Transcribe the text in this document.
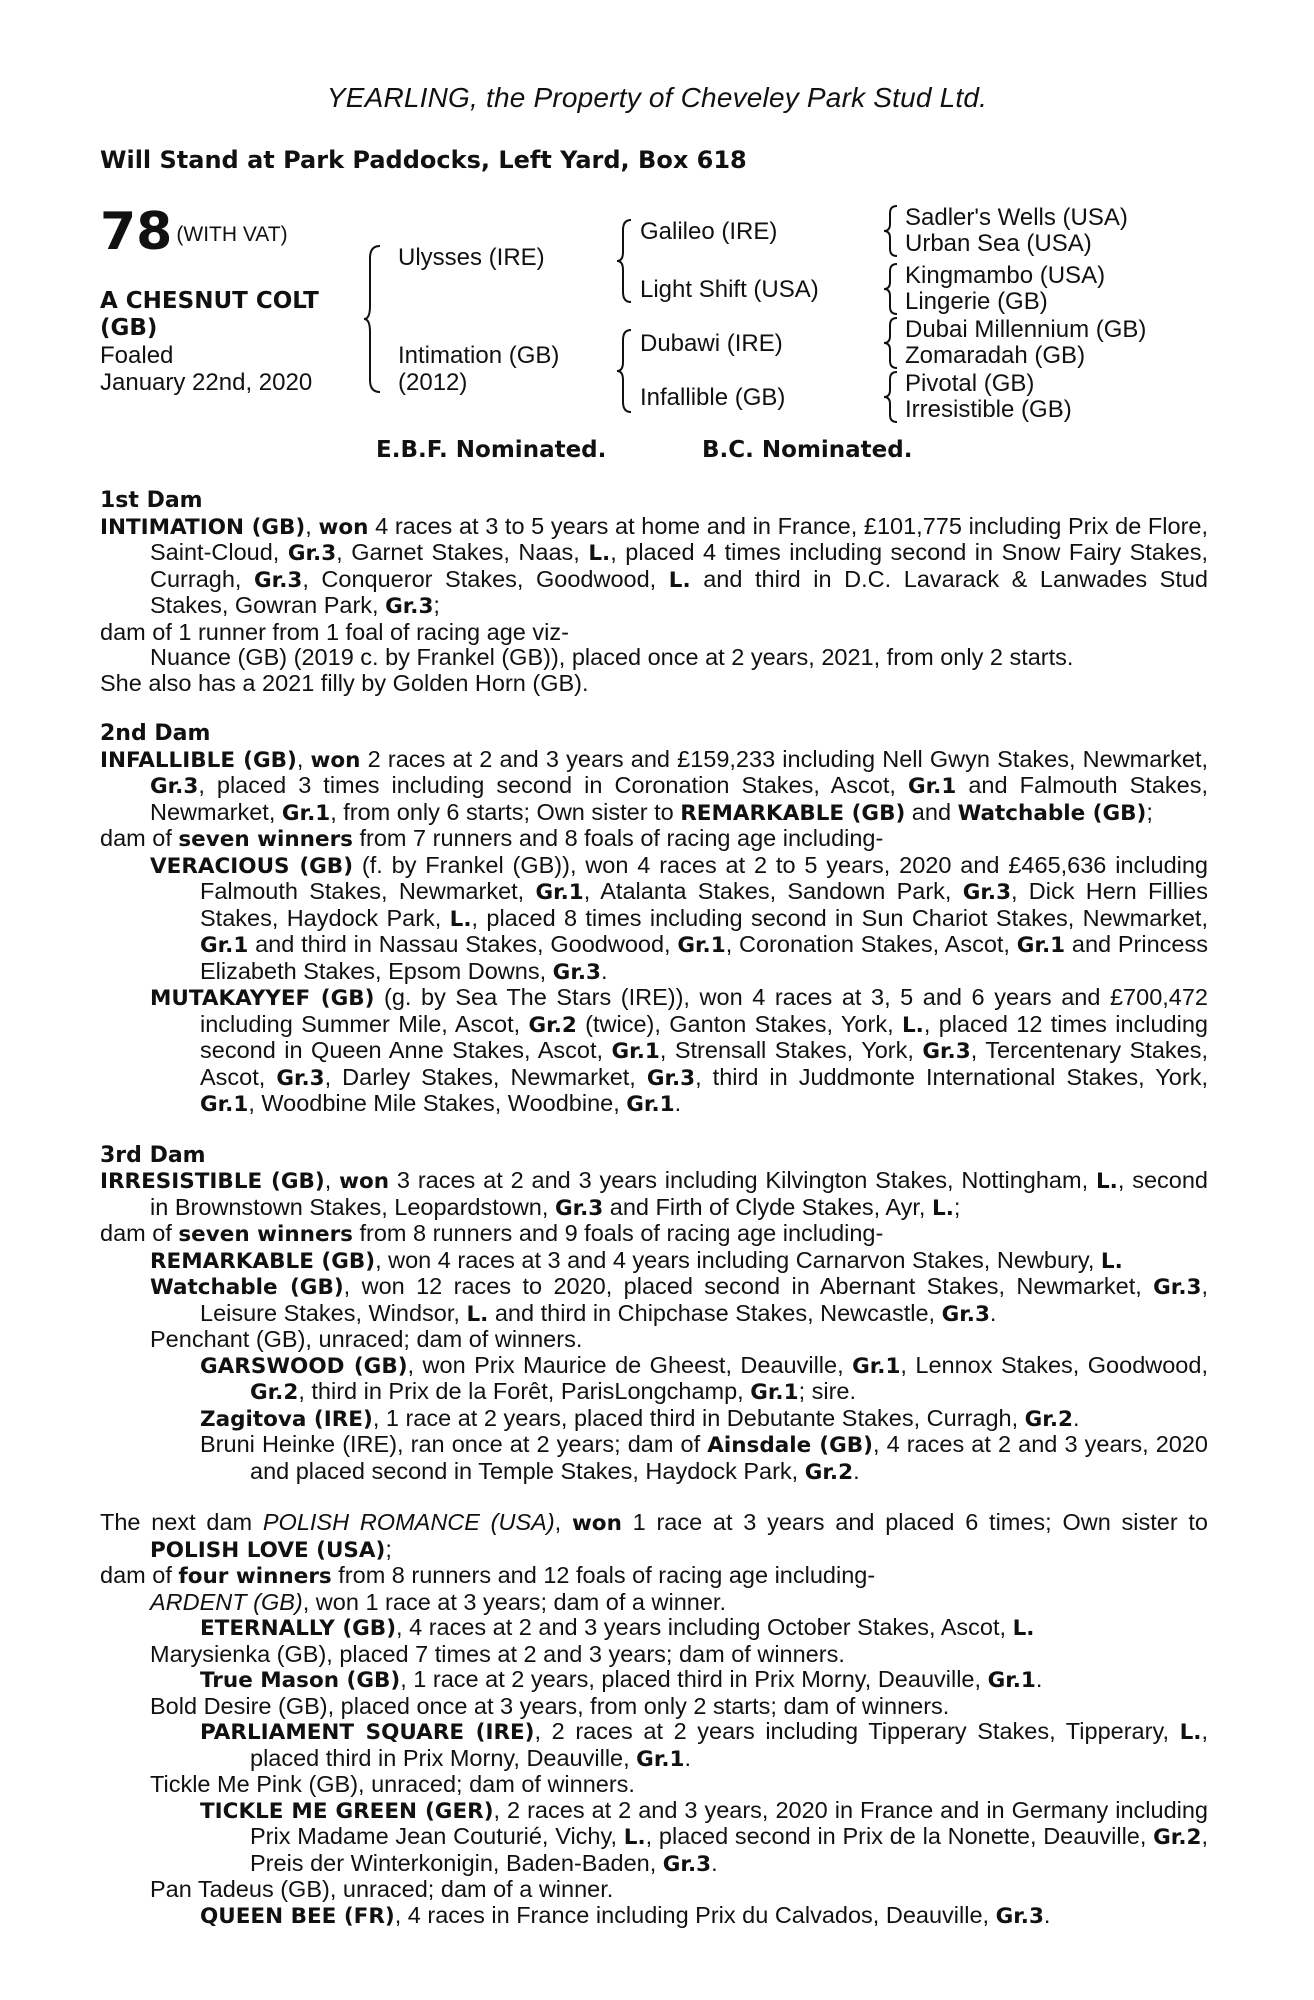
YEARLING, the Property of Cheveley Park Stud Ltd.
Will Stand at Park Paddocks, Left Yard, Box 618
78 (WITH VAT)
A CHESNUT COLT
(GB)
Foaled
January 22nd, 2020
Ulysses (IRE)
Intimation (GB)
(2012)
Galileo (IRE)
Light Shift (USA)
Dubawi (IRE)
Infallible (GB)
Sadler's Wells (USA)
Urban Sea (USA)
Kingmambo (USA)
Lingerie (GB)
Dubai Millennium (GB)
Zomaradah (GB)
Pivotal (GB)
Irresistible (GB)
E.B.F. Nominated.	B.C. Nominated.
1st Dam
INTIMATION (GB), won 4 races at 3 to 5 years at home and in France, £101,775 including Prix de Flore, Saint-Cloud, Gr.3, Garnet Stakes, Naas, L., placed 4 times including second in Snow Fairy Stakes, Curragh, Gr.3, Conqueror Stakes, Goodwood, L. and third in D.C. Lavarack & Lanwades Stud Stakes, Gowran Park, Gr.3;
dam of 1 runner from 1 foal of racing age viz-
Nuance (GB) (2019 c. by Frankel (GB)), placed once at 2 years, 2021, from only 2 starts.
She also has a 2021 filly by Golden Horn (GB).
2nd Dam
INFALLIBLE (GB), won 2 races at 2 and 3 years and £159,233 including Nell Gwyn Stakes, Newmarket, Gr.3, placed 3 times including second in Coronation Stakes, Ascot, Gr.1 and Falmouth Stakes, Newmarket, Gr.1, from only 6 starts; Own sister to REMARKABLE (GB) and Watchable (GB);
dam of seven winners from 7 runners and 8 foals of racing age including-
VERACIOUS (GB) (f. by Frankel (GB)), won 4 races at 2 to 5 years, 2020 and £465,636 including Falmouth Stakes, Newmarket, Gr.1, Atalanta Stakes, Sandown Park, Gr.3, Dick Hern Fillies Stakes, Haydock Park, L., placed 8 times including second in Sun Chariot Stakes, Newmarket, Gr.1 and third in Nassau Stakes, Goodwood, Gr.1, Coronation Stakes, Ascot, Gr.1 and Princess Elizabeth Stakes, Epsom Downs, Gr.3.
MUTAKAYYEF (GB) (g. by Sea The Stars (IRE)), won 4 races at 3, 5 and 6 years and £700,472 including Summer Mile, Ascot, Gr.2 (twice), Ganton Stakes, York, L., placed 12 times including second in Queen Anne Stakes, Ascot, Gr.1, Strensall Stakes, York, Gr.3, Tercentenary Stakes, Ascot, Gr.3, Darley Stakes, Newmarket, Gr.3, third in Juddmonte International Stakes, York, Gr.1, Woodbine Mile Stakes, Woodbine, Gr.1.
3rd Dam
IRRESISTIBLE (GB), won 3 races at 2 and 3 years including Kilvington Stakes, Nottingham, L., second in Brownstown Stakes, Leopardstown, Gr.3 and Firth of Clyde Stakes, Ayr, L.;
dam of seven winners from 8 runners and 9 foals of racing age including-
REMARKABLE (GB), won 4 races at 3 and 4 years including Carnarvon Stakes, Newbury, L.
Watchable (GB), won 12 races to 2020, placed second in Abernant Stakes, Newmarket, Gr.3, Leisure Stakes, Windsor, L. and third in Chipchase Stakes, Newcastle, Gr.3.
Penchant (GB), unraced; dam of winners.
GARSWOOD (GB), won Prix Maurice de Gheest, Deauville, Gr.1, Lennox Stakes, Goodwood, Gr.2, third in Prix de la Forêt, ParisLongchamp, Gr.1; sire.
Zagitova (IRE), 1 race at 2 years, placed third in Debutante Stakes, Curragh, Gr.2.
Bruni Heinke (IRE), ran once at 2 years; dam of Ainsdale (GB), 4 races at 2 and 3 years, 2020 and placed second in Temple Stakes, Haydock Park, Gr.2.
The next dam POLISH ROMANCE (USA), won 1 race at 3 years and placed 6 times; Own sister to POLISH LOVE (USA);
dam of four winners from 8 runners and 12 foals of racing age including-
ARDENT (GB), won 1 race at 3 years; dam of a winner.
ETERNALLY (GB), 4 races at 2 and 3 years including October Stakes, Ascot, L.
Marysienka (GB), placed 7 times at 2 and 3 years; dam of winners.
True Mason (GB), 1 race at 2 years, placed third in Prix Morny, Deauville, Gr.1.
Bold Desire (GB), placed once at 3 years, from only 2 starts; dam of winners.
PARLIAMENT SQUARE (IRE), 2 races at 2 years including Tipperary Stakes, Tipperary, L., placed third in Prix Morny, Deauville, Gr.1.
Tickle Me Pink (GB), unraced; dam of winners.
TICKLE ME GREEN (GER), 2 races at 2 and 3 years, 2020 in France and in Germany including Prix Madame Jean Couturié, Vichy, L., placed second in Prix de la Nonette, Deauville, Gr.2, Preis der Winterkonigin, Baden-Baden, Gr.3.
Pan Tadeus (GB), unraced; dam of a winner.
QUEEN BEE (FR), 4 races in France including Prix du Calvados, Deauville, Gr.3.
